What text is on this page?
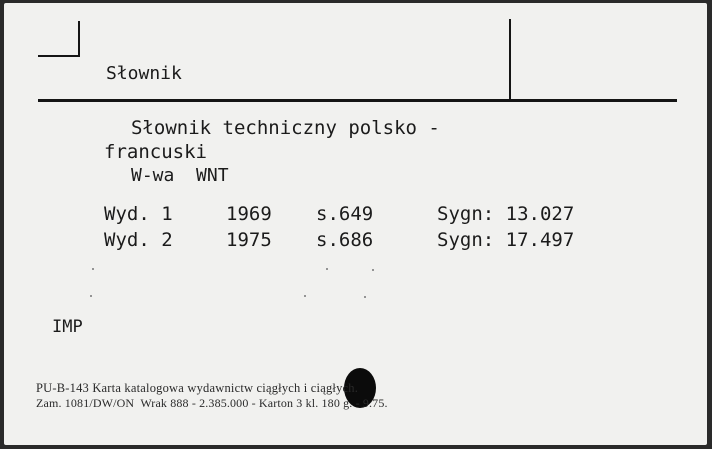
Słownik
Słownik techniczny polsko -
francuski
W-wa  WNT
Wyd. 1	1969 s.649	Sygn: 13.027
Wyd. 2	1975 s.686	Sygn: 17.497
IMP
PU-B-143 Karta katalogowa wydawnictw ciągłych i ciągłych.
Zam. 1081/DW/ON  Wrak 888 - 2.385.000 - Karton 3 kl. 180 g. - 9.75.
